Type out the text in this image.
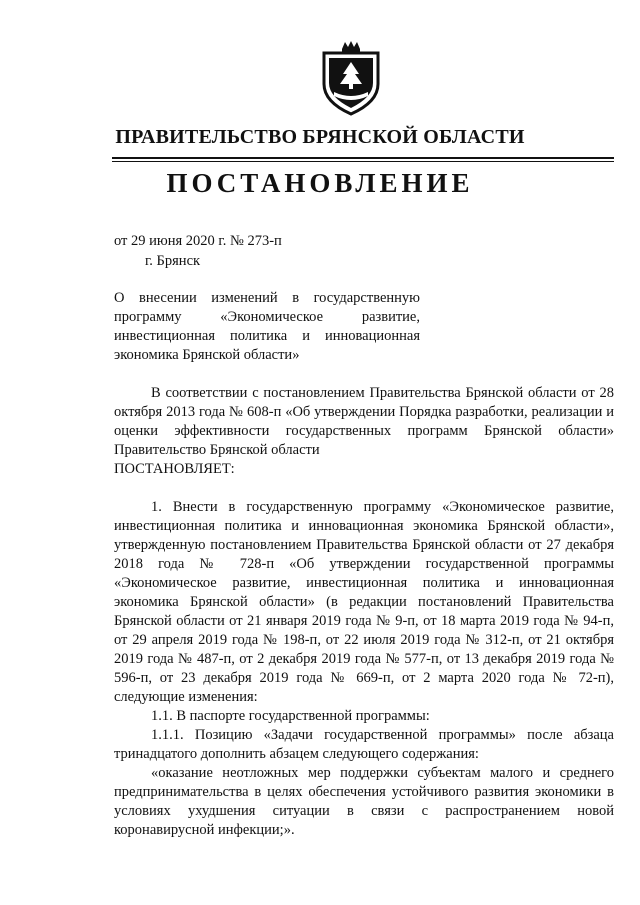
ПРАВИТЕЛЬСТВО БРЯНСКОЙ ОБЛАСТИ
ПОСТАНОВЛЕНИЕ
от 29 июня 2020 г. № 273-п
г. Брянск
О внесении изменений в государственную программу «Экономическое развитие, инвестиционная политика и инновационная экономика Брянской области»

В соответствии с постановлением Правительства Брянской области от 28 октября 2013 года № 608-п «Об утверждении Порядка разработки, реализации и оценки эффективности государственных программ Брянской области» Правительство Брянской области

ПОСТАНОВЛЯЕТ:

1. Внести в государственную программу «Экономическое развитие, инвестиционная политика и инновационная экономика Брянской области», утвержденную постановлением Правительства Брянской области от 27 декабря 2018 года № 728-п «Об утверждении государственной программы «Экономическое развитие, инвестиционная политика и инновационная экономика Брянской области» (в редакции постановлений Правительства Брянской области от 21 января 2019 года № 9-п, от 18 марта 2019 года № 94-п, от 29 апреля 2019 года № 198-п, от 22 июля 2019 года № 312-п, от 21 октября 2019 года № 487-п, от 2 декабря 2019 года № 577-п, от 13 декабря 2019 года № 596-п, от 23 декабря 2019 года № 669-п, от 2 марта 2020 года № 72-п), следующие изменения:

1.1. В паспорте государственной программы:

1.1.1. Позицию «Задачи государственной программы» после абзаца тринадцатого дополнить абзацем следующего содержания:

«оказание неотложных мер поддержки субъектам малого и среднего предпринимательства в целях обеспечения устойчивого развития экономики в условиях ухудшения ситуации в связи с распространением новой коронавирусной инфекции;».
